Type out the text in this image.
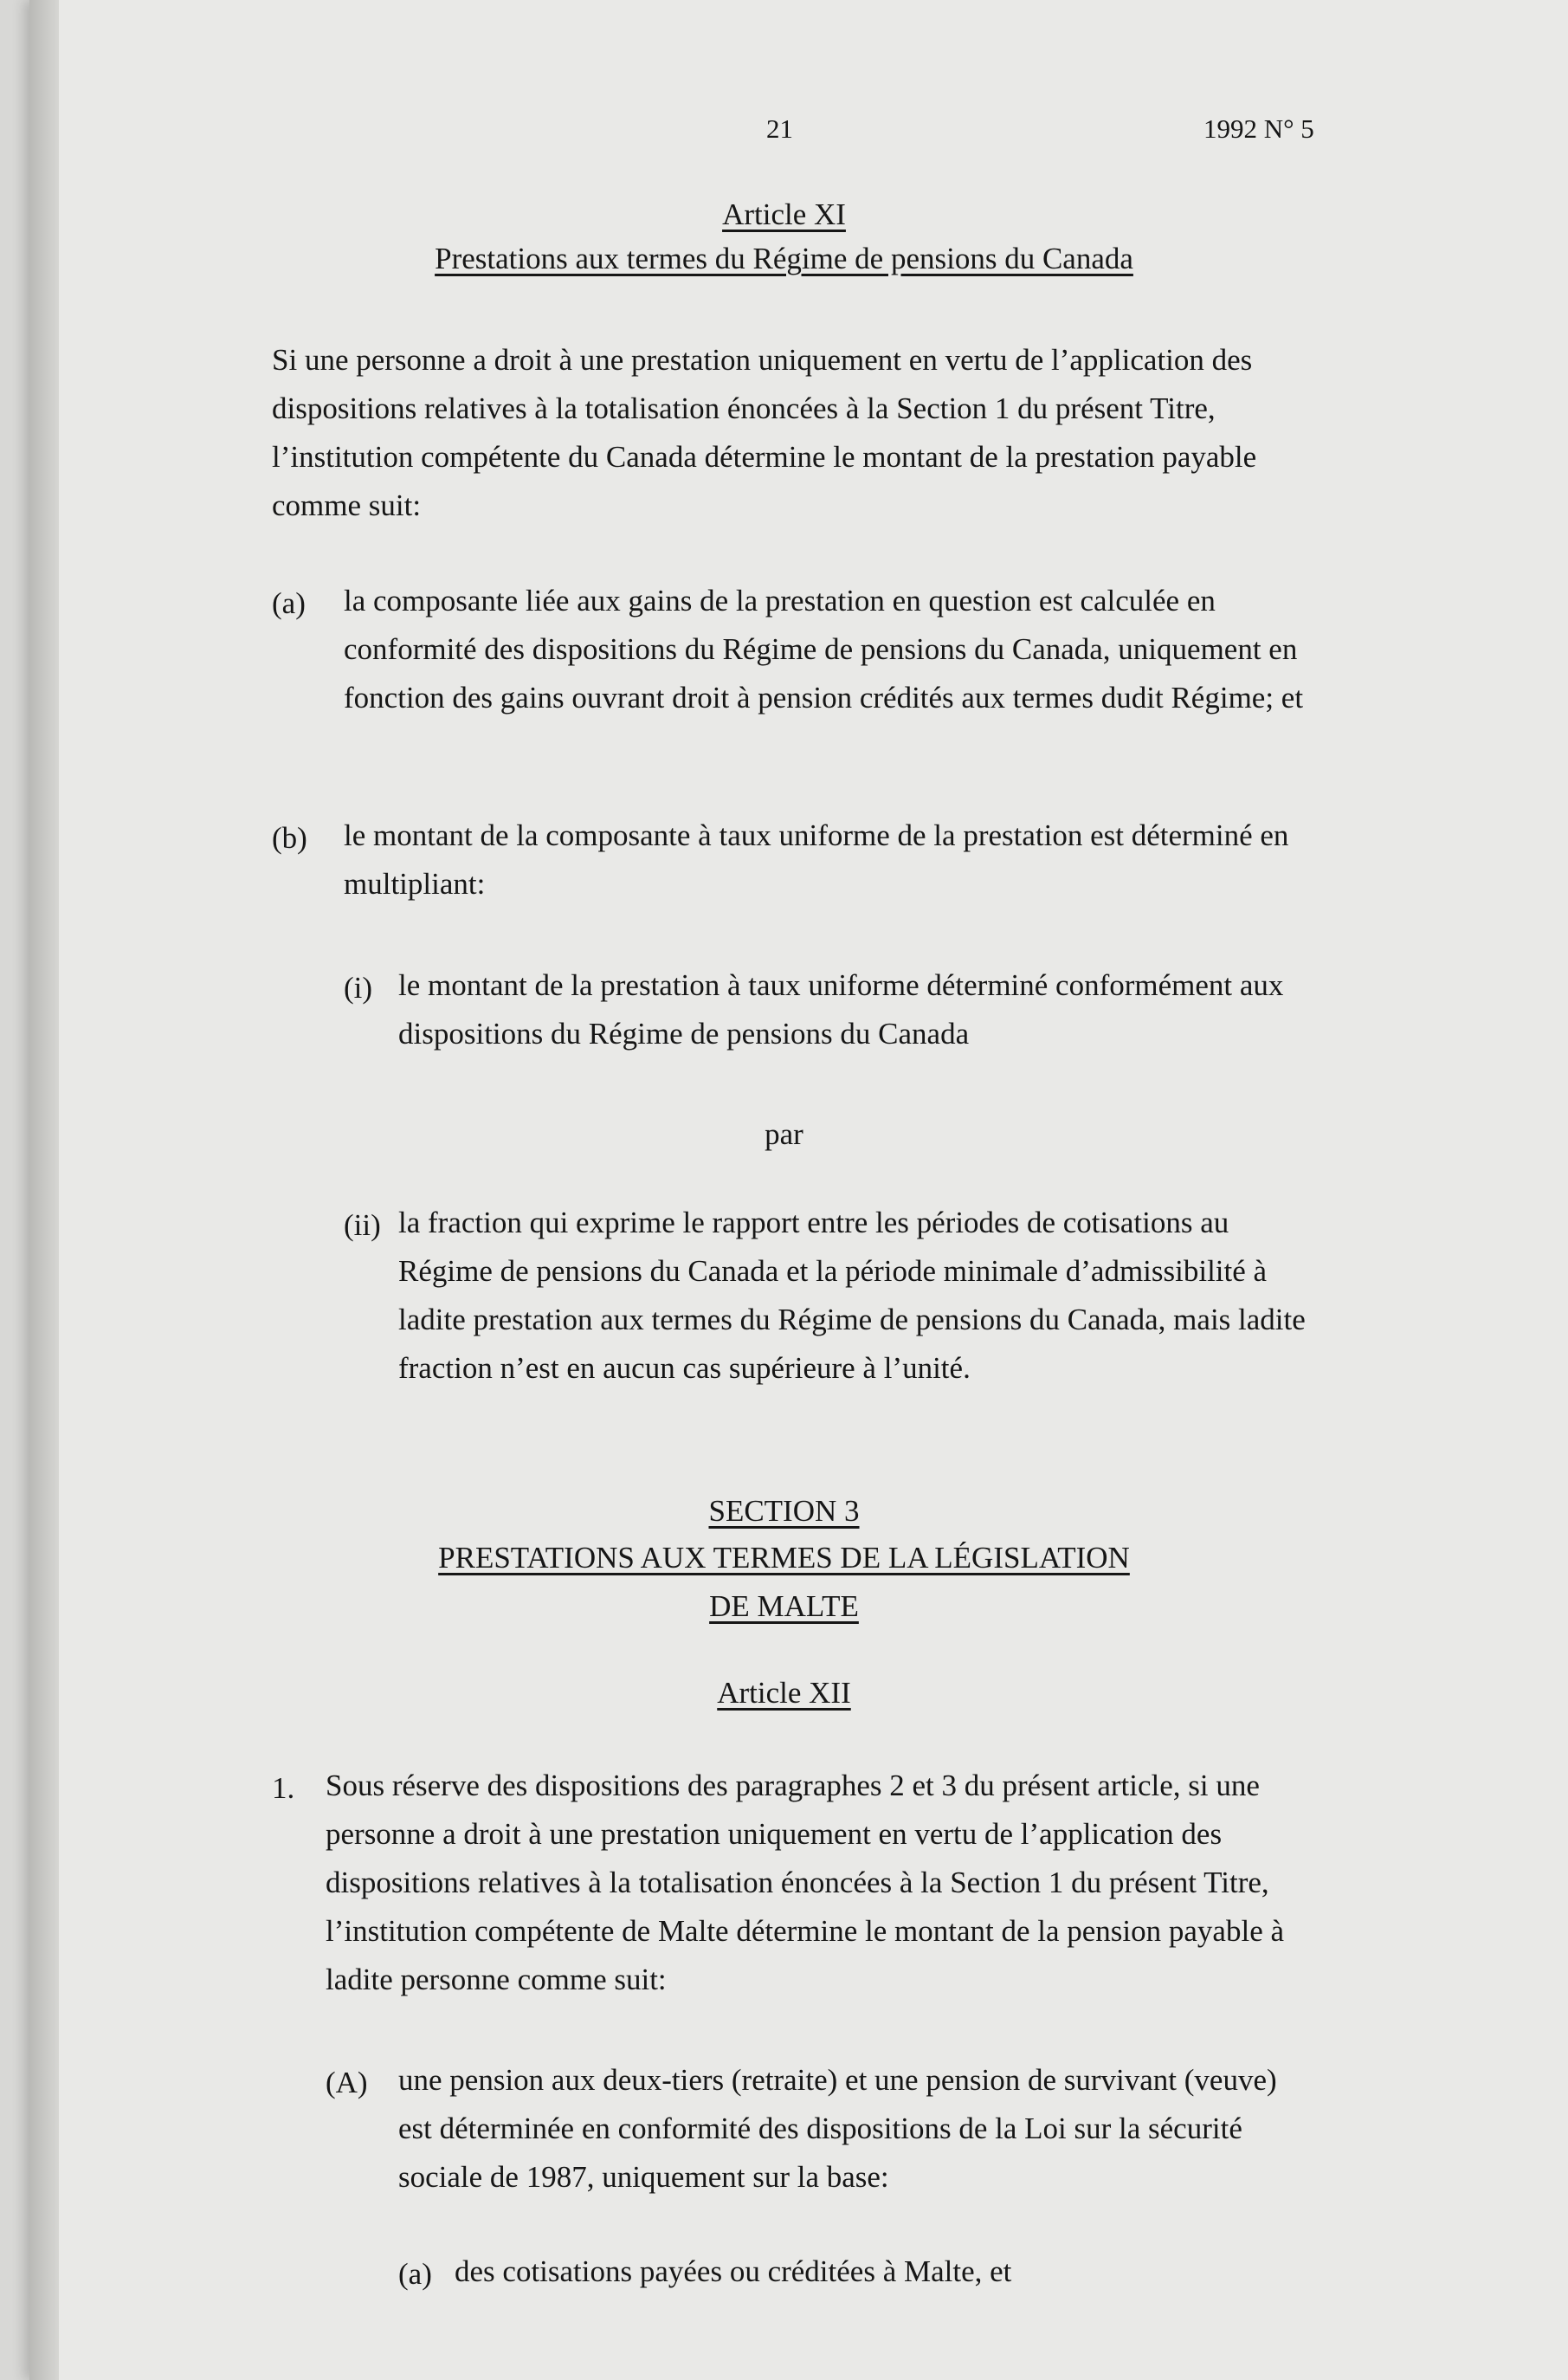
21	1992 N° 5
Article XI
Prestations aux termes du Régime de pensions du Canada

Si une personne a droit à une prestation uniquement en vertu de l’application des dispositions relatives à la totalisation énoncées à la Section 1 du présent Titre, l’institution compétente du Canada détermine le montant de la prestation payable comme suit:

(a) la composante liée aux gains de la prestation en question est calculée en conformité des dispositions du Régime de pensions du Canada, uniquement en fonction des gains ouvrant droit à pension crédités aux termes dudit Régime; et

(b) le montant de la composante à taux uniforme de la prestation est déterminé en multipliant:

(i) le montant de la prestation à taux uniforme déterminé conformément aux dispositions du Régime de pensions du Canada

par
(ii) la fraction qui exprime le rapport entre les périodes de cotisations au Régime de pensions du Canada et la période minimale d’admissibilité à ladite prestation aux termes du Régime de pensions du Canada, mais ladite fraction n’est en aucun cas supérieure à l’unité.

SECTION 3
PRESTATIONS AUX TERMES DE LA LÉGISLATION
DE MALTE
Article XII
1. Sous réserve des dispositions des paragraphes 2 et 3 du présent article, si une personne a droit à une prestation uniquement en vertu de l’application des dispositions relatives à la totalisation énoncées à la Section 1 du présent Titre, l’institution compétente de Malte détermine le montant de la pension payable à ladite personne comme suit:

(A) une pension aux deux-tiers (retraite) et une pension de survivant (veuve) est déterminée en conformité des dispositions de la Loi sur la sécurité sociale de 1987, uniquement sur la base:

(a) des cotisations payées ou créditées à Malte, et
